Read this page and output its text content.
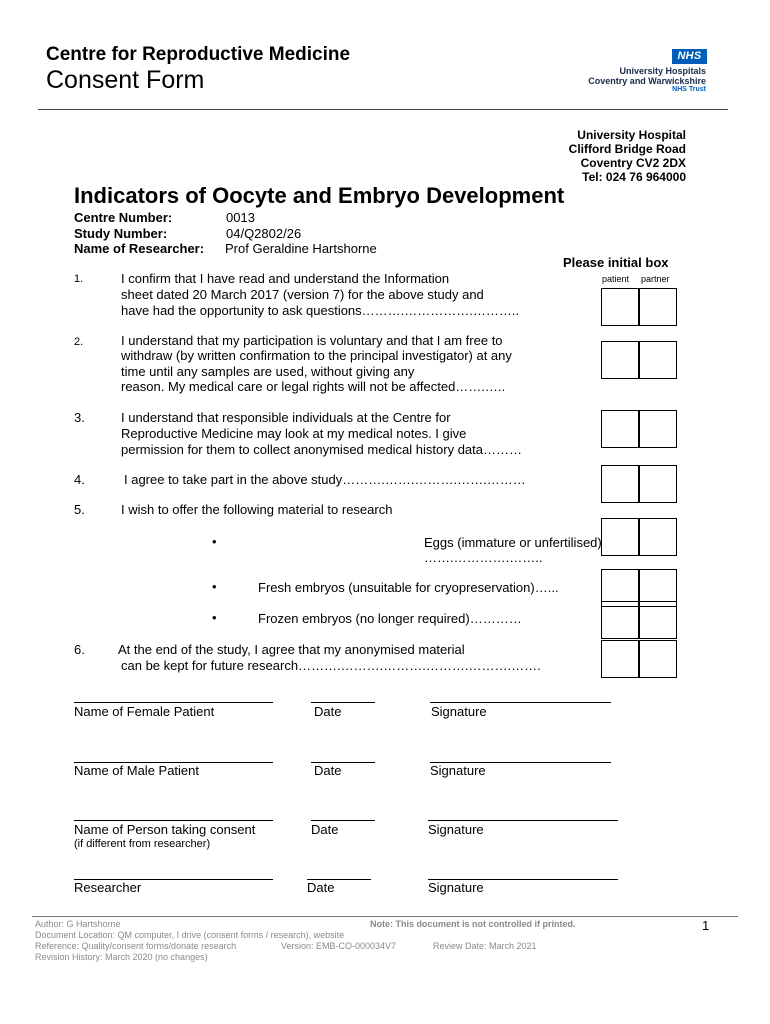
Centre for Reproductive Medicine
Consent Form
NHS
University Hospitals
Coventry and Warwickshire
NHS Trust
University Hospital
Clifford Bridge Road
Coventry CV2 2DX
Tel: 024 76 964000
Indicators of Oocyte and Embryo Development
Centre Number:	0013
Study Number:	04/Q2802/26
Name of Researcher: Prof Geraldine Hartshorne
Please initial box
patient partner
1.	I confirm that I have read and understand the Information
sheet dated 20 March 2017 (version 7) for the above study and
have had the opportunity to ask questions……….…………….………..
2.	I understand that my participation is voluntary and that I am free to
withdraw (by written confirmation to the principal investigator) at any
time until any samples are used, without giving any
reason. My medical care or legal rights will not be affected…….…..
3.	I understand that responsible individuals at the Centre for
Reproductive Medicine may look at my medical notes. I give
permission for them to collect anonymised medical history data………
4.	I agree to take part in the above study……….…….……….…….………
5.	I wish to offer the following material to research
•	Eggs (immature or unfertilised)
…….………….……..
•	Fresh embryos (unsuitable for cryopreservation)…...
•	Frozen embryos (no longer required)…………
6.	At the end of the study, I agree that my anonymised material
can be kept for future research……….……….……….……….……….…….
Name of Female Patient	Date	Signature
Name of Male Patient	Date	Signature
Name of Person taking consent
(if different from researcher)
Date	Signature
Researcher	Date	Signature
Author: G Hartshorne	Note: This document is not controlled if printed.	1
Document Location: QM computer, I drive (consent forms / research), website
Reference: Quality/consent forms/donate research	Version: EMB-CO-000034V7	Review Date: March 2021
Revision History: March 2020 (no changes)
